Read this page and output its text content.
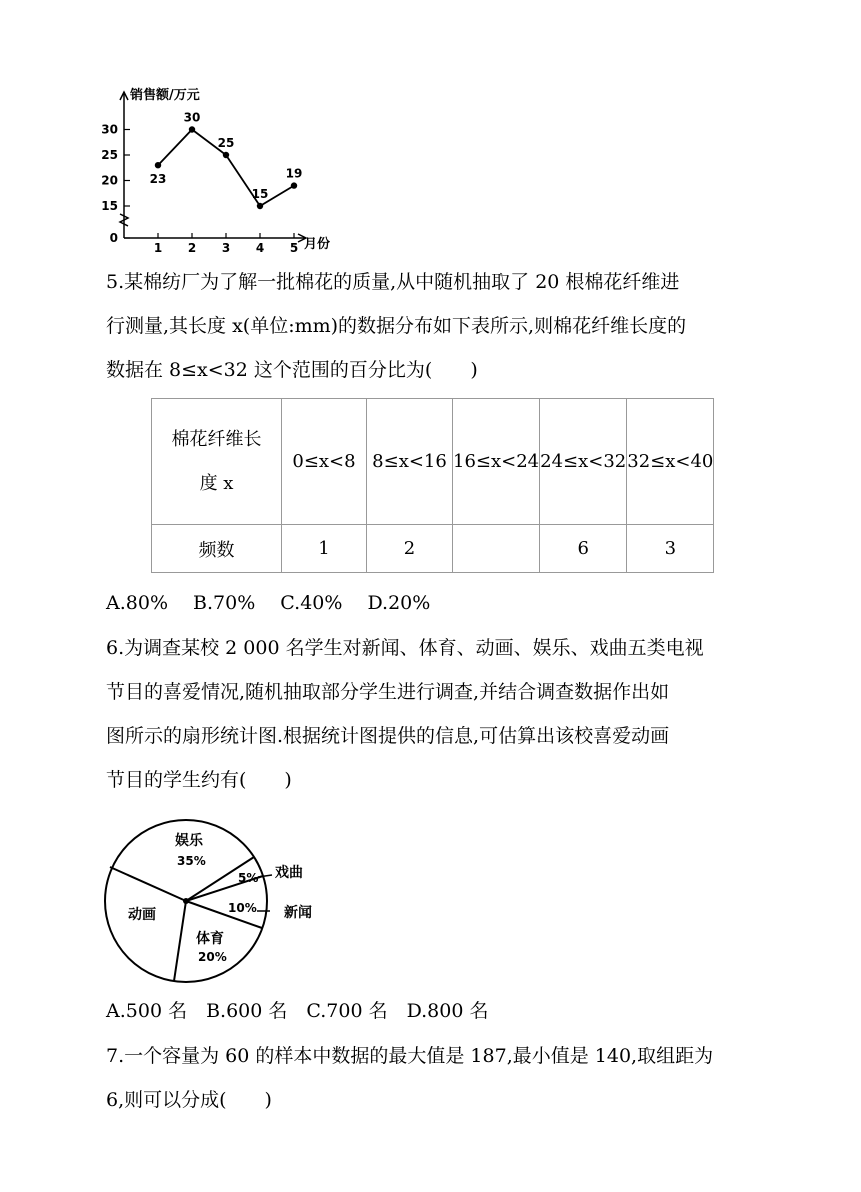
销售额/万元
月份
30
25
20
15
0
1 2 3 4 5
23
30
25
15
19
5.某棉纺厂为了解一批棉花的质量,从中随机抽取了 20 根棉花纤维进
行测量,其长度 x(单位:mm)的数据分布如下表所示,则棉花纤维长度的
数据在 8≤x<32 这个范围的百分比为(　　)
棉花纤维长
度 x	0≤x<8	8≤x<16	16≤x<24	24≤x<32	32≤x<40
频数	1	2		6	3
A.80%　 B.70%　 C.40%　 D.20%
6.为调查某校 2 000 名学生对新闻、体育、动画、娱乐、戏曲五类电视
节目的喜爱情况,随机抽取部分学生进行调查,并结合调查数据作出如
图所示的扇形统计图.根据统计图提供的信息,可估算出该校喜爱动画
节目的学生约有(　　)
娱乐
35%
5% 戏曲
10% 新闻
动画
体育
20%
A.500 名　B.600 名　C.700 名　D.800 名
7.一个容量为 60 的样本中数据的最大值是 187,最小值是 140,取组距为
6,则可以分成(　　)
